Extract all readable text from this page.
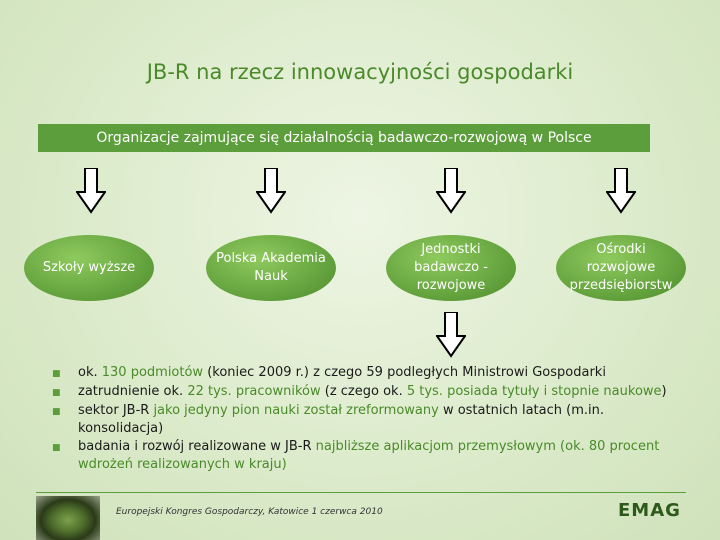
JB-R na rzecz innowacyjności gospodarki
Organizacje zajmujące się działalnością badawczo-rozwojową w Polsce
Szkoły wyższe
Polska Akademia Nauk
Jednostki badawczo -rozwojowe
Ośrodki rozwojowe przedsiębiorstw
■	ok. 130 podmiotów (koniec 2009 r.) z czego 59 podległych Ministrowi Gospodarki
■	zatrudnienie ok. 22 tys. pracowników (z czego ok. 5 tys. posiada tytuły i stopnie naukowe)
■	sektor JB-R jako jedyny pion nauki został zreformowany w ostatnich latach (m.in. konsolidacja)
■	badania i rozwój realizowane w JB-R najbliższe aplikacjom przemysłowym (ok. 80 procent wdrożeń realizowanych w kraju)
Europejski Kongres Gospodarczy, Katowice 1 czerwca 2010	EMAG
